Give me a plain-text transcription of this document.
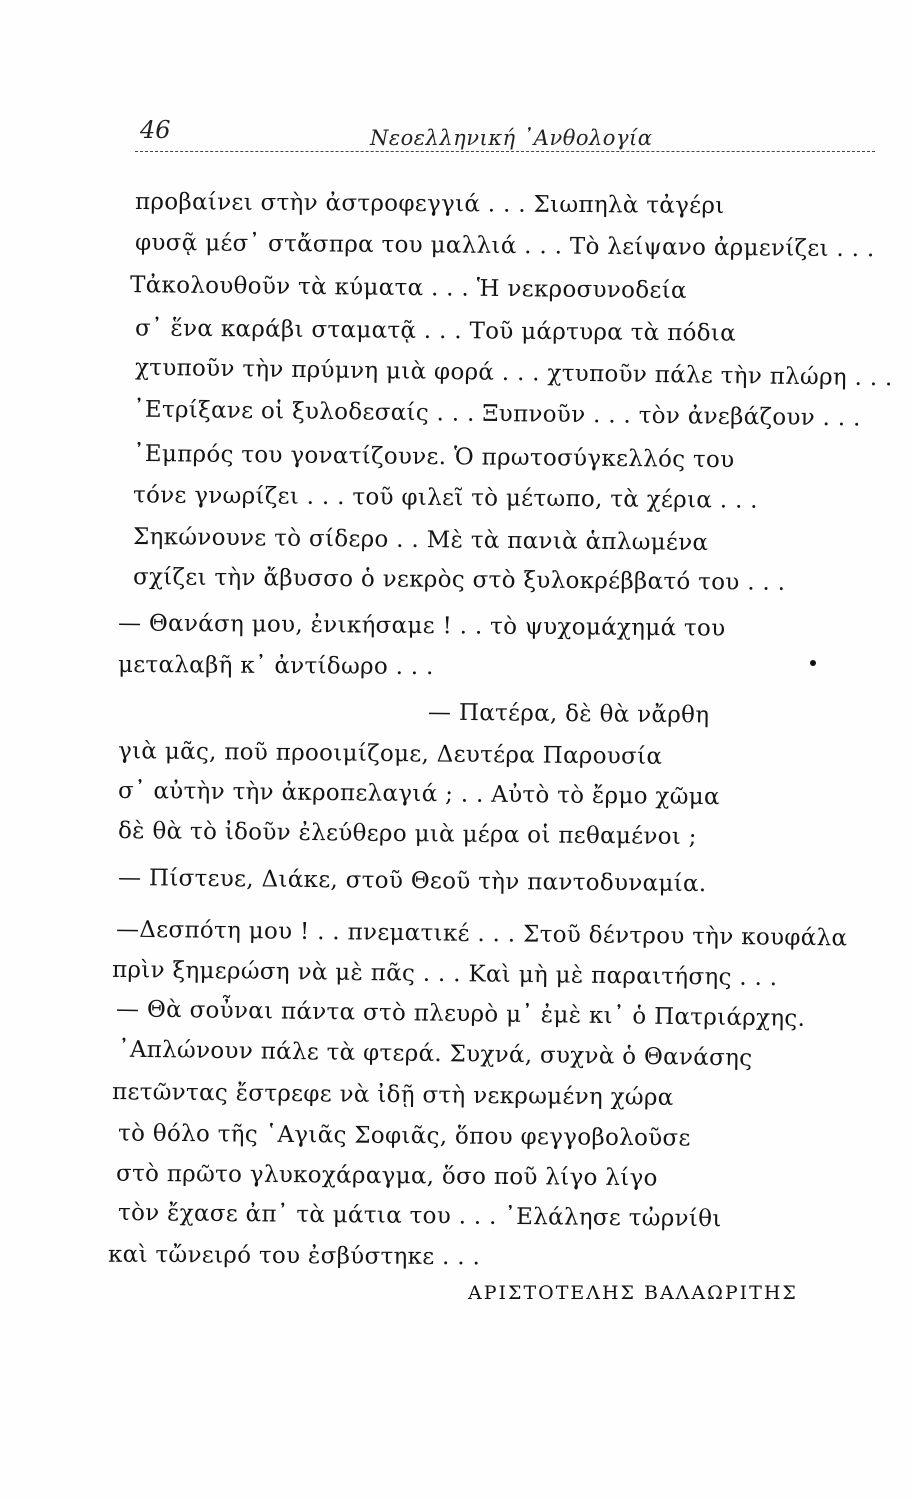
46	Νεοελληνική ᾿Ανθολογία
προβαίνει στὴν ἀστροφεγγιά . . . Σιωπηλὰ τἀγέρι
φυσᾷ μέσ᾿ στἄσπρα του μαλλιά . . . Τὸ λείψανο ἀρμενίζει . . .
Τἀκολουθοῦν τὰ κύματα . . . Ἡ νεκροσυνοδεία
σ᾿ ἕνα καράβι σταματᾷ . . . Τοῦ μάρτυρα τὰ πόδια
χτυποῦν τὴν πρύμνη μιὰ φορά . . . χτυποῦν πάλε τὴν πλώρη . . .
᾿Ετρίξανε οἱ ξυλοδεσαίς . . . Ξυπνοῦν . . . τὸν ἀνεβάζουν . . .
᾿Εμπρός του γονατίζουνε. Ὁ πρωτοσύγκελλός του
τόνε γνωρίζει . . . τοῦ φιλεῖ τὸ μέτωπο, τὰ χέρια . . .
Σηκώνουνε τὸ σίδερο . . Μὲ τὰ πανιὰ ἁπλωμένα
σχίζει τὴν ἄβυσσο ὁ νεκρὸς στὸ ξυλοκρέββατό του . . .
— Θανάση μου, ἐνικήσαμε ! . . τὸ ψυχομάχημά του
μεταλαβῆ κ᾿ ἀντίδωρο . . .
— Πατέρα, δὲ θὰ νἄρθη
γιὰ μᾶς, ποῦ προοιμίζομε, Δευτέρα Παρουσία
σ᾿ αὐτὴν τὴν ἀκροπελαγιά ; . . Αὐτὸ τὸ ἔρμο χῶμα
δὲ θὰ τὸ ἰδοῦν ἐλεύθερο μιὰ μέρα οἱ πεθαμένοι ;
— Πίστευε, Διάκε, στοῦ Θεοῦ τὴν παντοδυναμία.
—Δεσπότη μου ! . . πνεματικέ . . . Στοῦ δέντρου τὴν κουφάλα
πρὶν ξημερώση νὰ μὲ πᾶς . . . Καὶ μὴ μὲ παραιτήσης . . .
— Θὰ σοὖναι πάντα στὸ πλευρὸ μ᾿ ἐμὲ κι᾿ ὁ Πατριάρχης.
᾿Απλώνουν πάλε τὰ φτερά. Συχνά, συχνὰ ὁ Θανάσης
πετῶντας ἔστρεφε νὰ ἰδῇ στὴ νεκρωμένη χώρα
τὸ θόλο τῆς ῾Αγιᾶς Σοφιᾶς, ὅπου φεγγοβολοῦσε
στὸ πρῶτο γλυκοχάραγμα, ὅσο ποῦ λίγο λίγο
τὸν ἔχασε ἀπ᾿ τὰ μάτια του . . . ᾿Ελάλησε τὠρνίθι
καὶ τὤνειρό του ἐσβύστηκε . . .
ΑΡΙΣΤΟΤΕΛΗΣ ΒΑΛΑΩΡΙΤΗΣ
